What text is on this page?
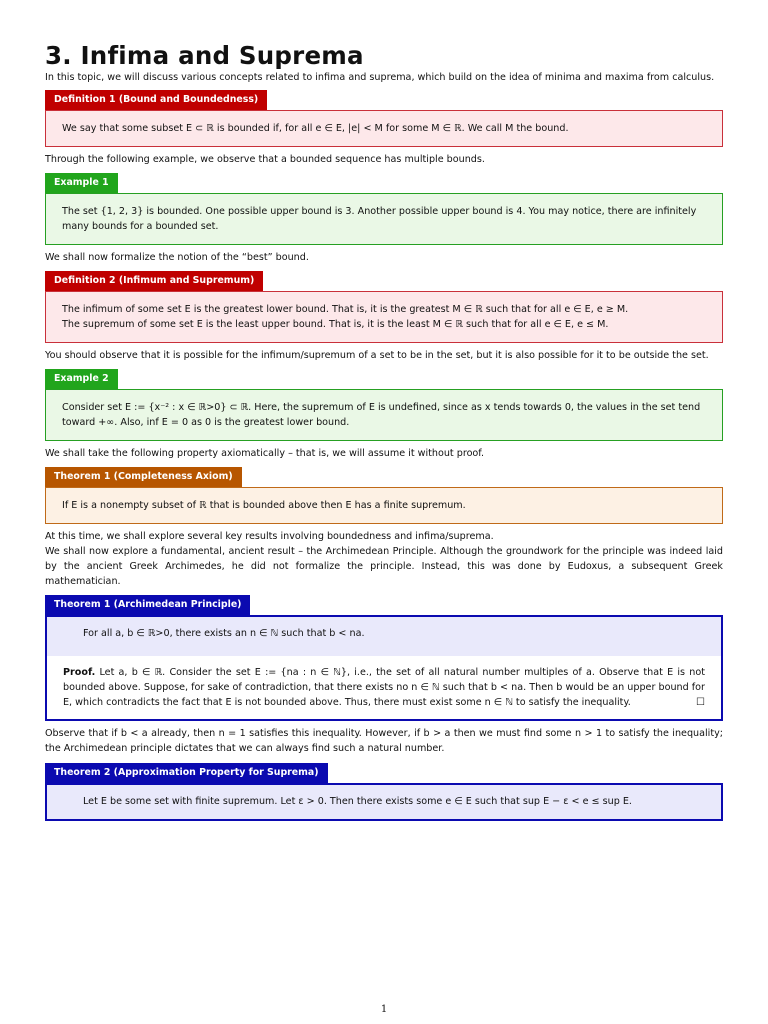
3. Infima and Suprema

In this topic, we will discuss various concepts related to infima and suprema, which build on the idea of minima and maxima from calculus.

Definition 1 (Bound and Boundedness)
We say that some subset E ⊂ ℝ is bounded if, for all e ∈ E, |e| < M for some M ∈ ℝ. We call M the bound.

Through the following example, we observe that a bounded sequence has multiple bounds.

Example 1
The set {1, 2, 3} is bounded. One possible upper bound is 3. Another possible upper bound is 4. You may notice, there are infinitely many bounds for a bounded set.

We shall now formalize the notion of the “best” bound.

Definition 2 (Infimum and Supremum)
The infimum of some set E is the greatest lower bound. That is, it is the greatest M ∈ ℝ such that for all e ∈ E, e ≥ M.
The supremum of some set E is the least upper bound. That is, it is the least M ∈ ℝ such that for all e ∈ E, e ≤ M.

You should observe that it is possible for the infimum/supremum of a set to be in the set, but it is also possible for it to be outside the set.

Example 2
Consider set E := {x⁻² : x ∈ ℝ>0} ⊂ ℝ. Here, the supremum of E is undefined, since as x tends towards 0, the values in the set tend toward +∞. Also, inf E = 0 as 0 is the greatest lower bound.

We shall take the following property axiomatically – that is, we will assume it without proof.

Theorem 1 (Completeness Axiom)
If E is a nonempty subset of ℝ that is bounded above then E has a finite supremum.

At this time, we shall explore several key results involving boundedness and infima/suprema.

We shall now explore a fundamental, ancient result – the Archimedean Principle. Although the groundwork for the principle was indeed laid by the ancient Greek Archimedes, he did not formalize the principle. Instead, this was done by Eudoxus, a subsequent Greek mathematician.

Theorem 1 (Archimedean Principle)
For all a, b ∈ ℝ>0, there exists an n ∈ ℕ such that b < na.
Proof. Let a, b ∈ ℝ. Consider the set E := {na : n ∈ ℕ}, i.e., the set of all natural number multiples of a. Observe that E is not bounded above. Suppose, for sake of contradiction, that there exists no n ∈ ℕ such that b < na. Then b would be an upper bound for E, which contradicts the fact that E is not bounded above. Thus, there must exist some n ∈ ℕ to satisfy the inequality.	☐

Observe that if b < a already, then n = 1 satisfies this inequality. However, if b > a then we must find some n > 1 to satisfy the inequality; the Archimedean principle dictates that we can always find such a natural number.

Theorem 2 (Approximation Property for Suprema)
Let E be some set with finite supremum. Let ε > 0. Then there exists some e ∈ E such that sup E − ε < e ≤ sup E.
1
